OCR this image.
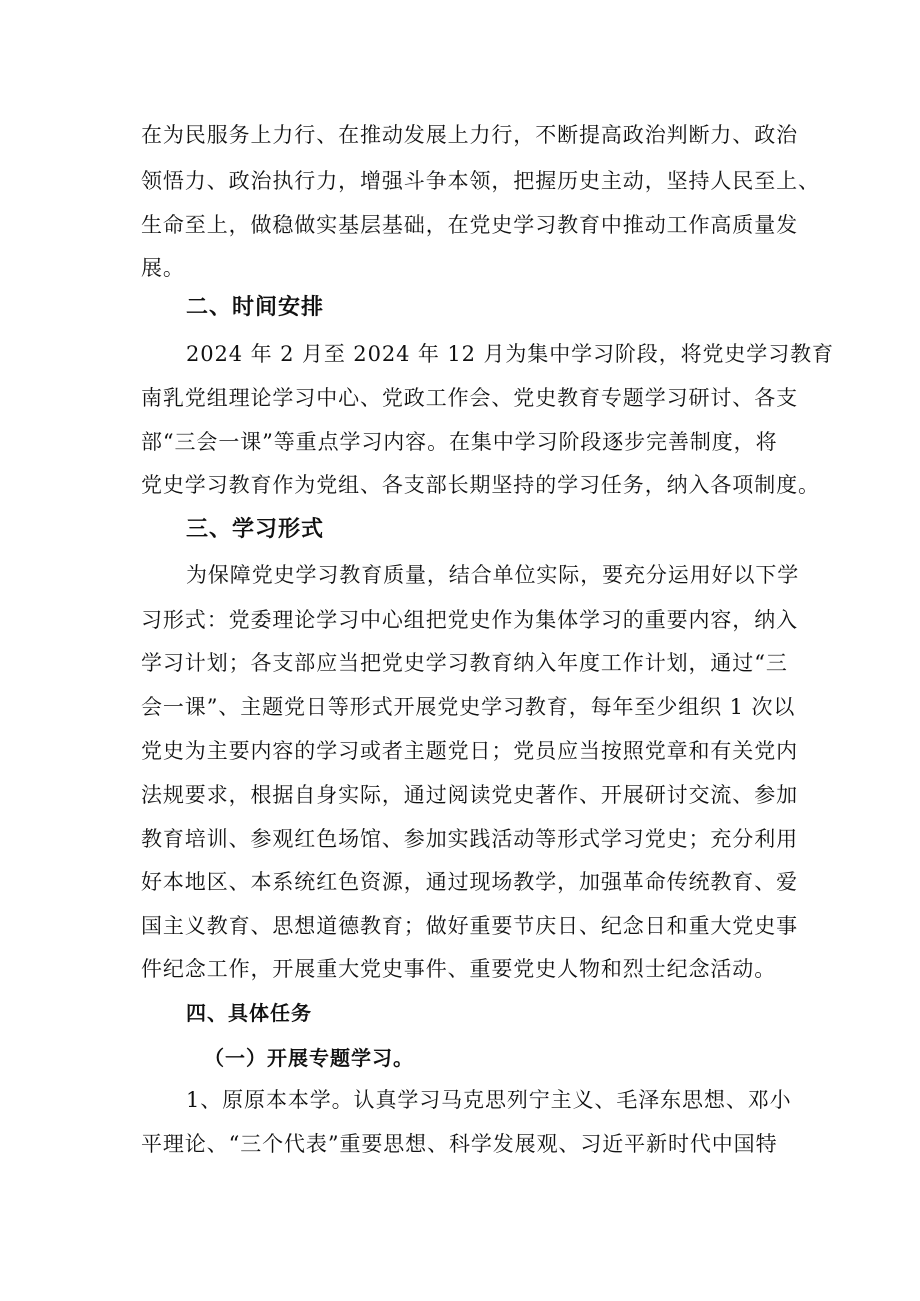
在为民服务上力行、在推动发展上力行，不断提高政治判断力、政治
领悟力、政治执行力，增强斗争本领，把握历史主动，坚持人民至上、
生命至上，做稳做实基层基础，在党史学习教育中推动工作高质量发
展。
二、时间安排
2024 年 2 月至 2024 年 12 月为集中学习阶段，将党史学习教育
南乳党组理论学习中心、党政工作会、党史教育专题学习研讨、各支
部“三会一课”等重点学习内容。在集中学习阶段逐步完善制度，将
党史学习教育作为党组、各支部长期坚持的学习任务，纳入各项制度。
三、学习形式
为保障党史学习教育质量，结合单位实际，要充分运用好以下学
习形式：党委理论学习中心组把党史作为集体学习的重要内容，纳入
学习计划；各支部应当把党史学习教育纳入年度工作计划，通过“三
会一课”、主题党日等形式开展党史学习教育，每年至少组织 1 次以
党史为主要内容的学习或者主题党日；党员应当按照党章和有关党内
法规要求，根据自身实际，通过阅读党史著作、开展研讨交流、参加
教育培训、参观红色场馆、参加实践活动等形式学习党史；充分利用
好本地区、本系统红色资源，通过现场教学，加强革命传统教育、爱
国主义教育、思想道德教育；做好重要节庆日、纪念日和重大党史事
件纪念工作，开展重大党史事件、重要党史人物和烈士纪念活动。
四、具体任务
（一）开展专题学习。
1、原原本本学。认真学习马克思列宁主义、毛泽东思想、邓小
平理论、“三个代表”重要思想、科学发展观、习近平新时代中国特
